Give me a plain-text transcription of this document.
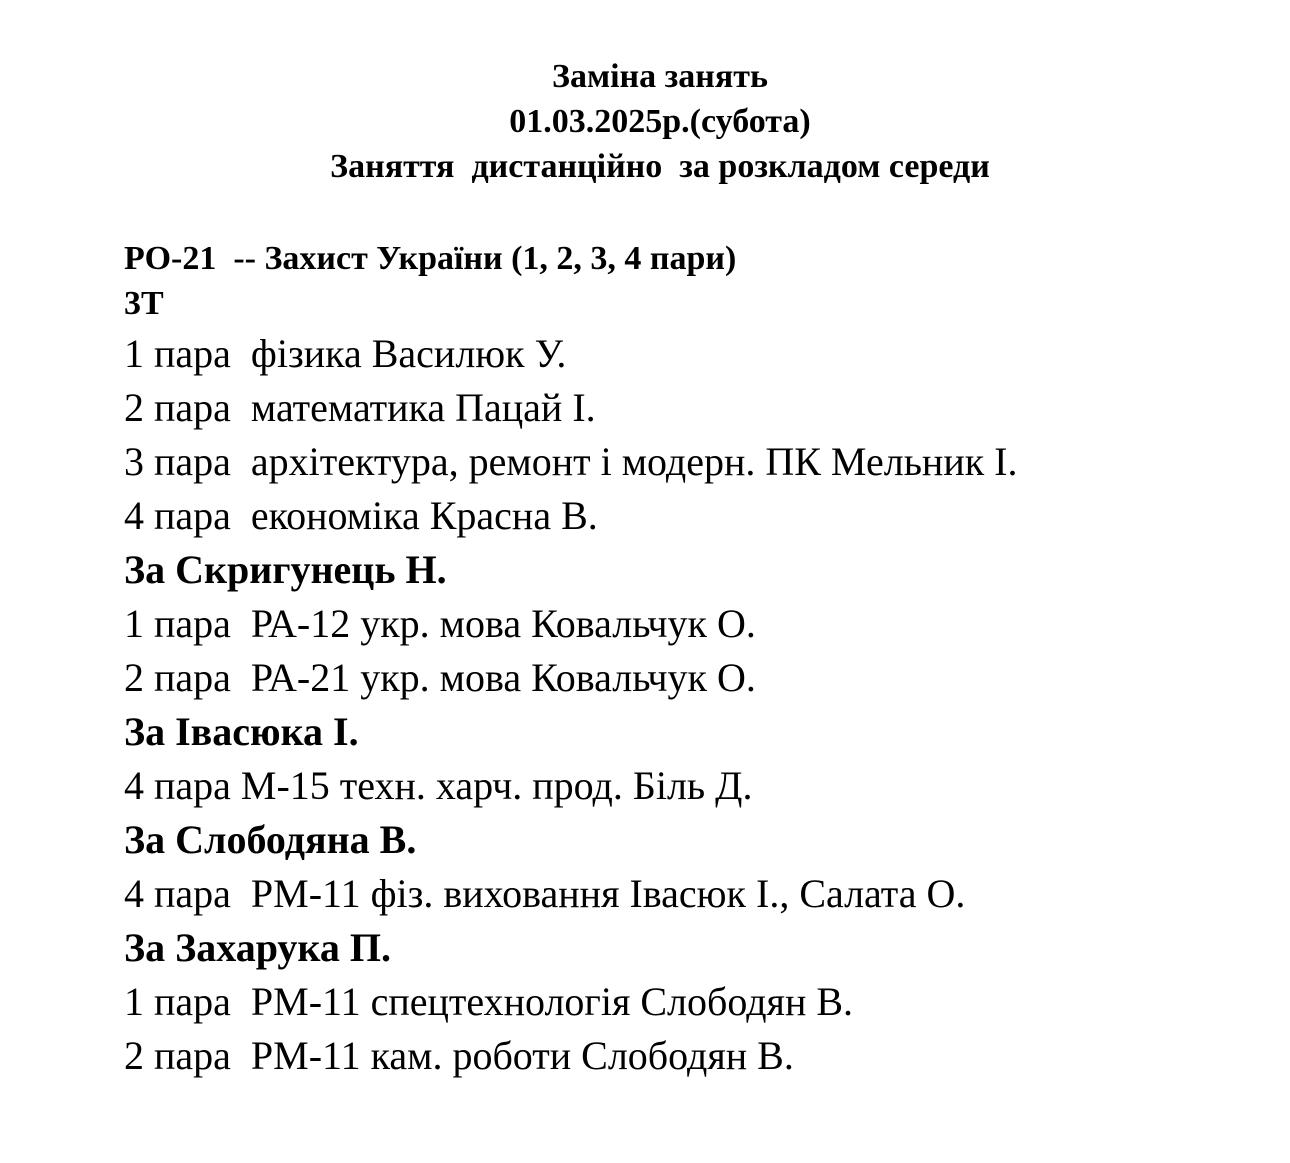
Заміна занять
01.03.2025р.(субота)
Заняття  дистанційно  за розкладом середи
РО-21  -- Захист України (1, 2, 3, 4 пари)
3Т
1 пара  фізика Василюк У.
2 пара  математика Пацай І.
3 пара  архітектура, ремонт і модерн. ПК Мельник І.
4 пара  економіка Красна В.
За Скригунець Н.
1 пара  РА-12 укр. мова Ковальчук О.
2 пара  РА-21 укр. мова Ковальчук О.
За Івасюка І.
4 пара М-15 техн. харч. прод. Біль Д.
За Слободяна В.
4 пара  РМ-11 фіз. виховання Івасюк І., Салата О.
За Захарука П.
1 пара  РМ-11 спецтехнологія Слободян В.
2 пара  РМ-11 кам. роботи Слободян В.
